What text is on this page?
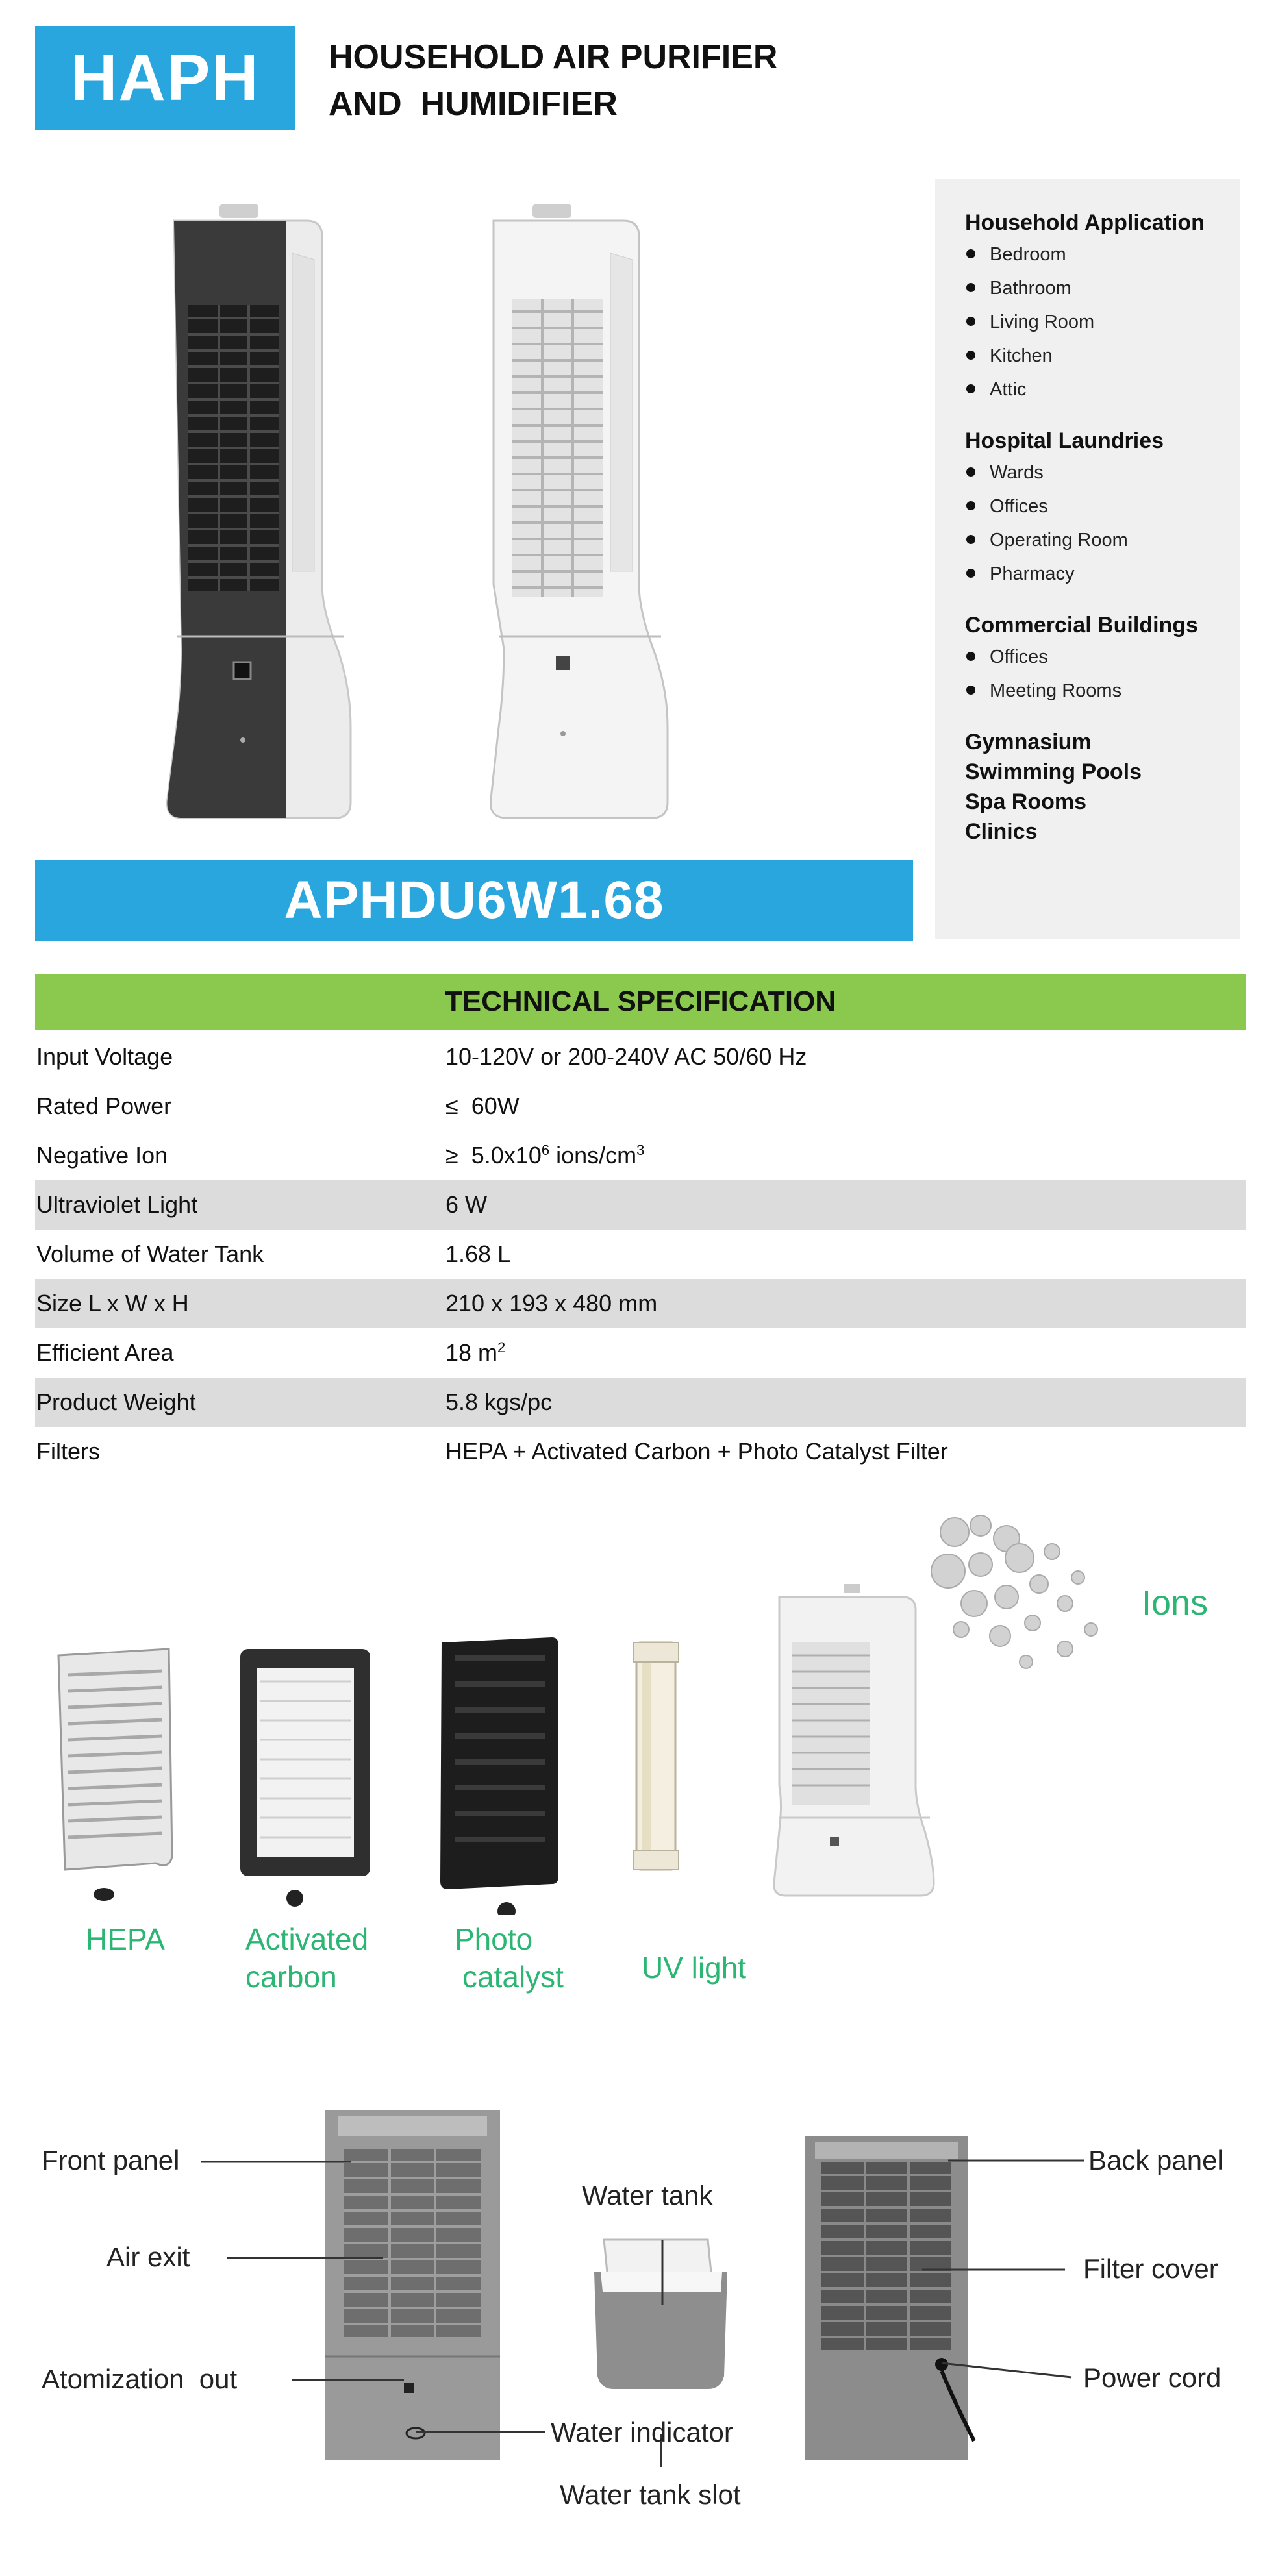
HAPH HOUSEHOLD AIR PURIFIER
AND  HUMIDIFIER
Household Application
Bedroom
Bathroom
Living Room
Kitchen
Attic
Hospital Laundries
Wards
Offices
Operating Room
Pharmacy
Commercial Buildings
Offices
Meeting Rooms
Gymnasium
Swimming Pools
Spa Rooms
Clinics
APHDU6W1.68
TECHNICAL SPECIFICATION
Input Voltage	10-120V or 200-240V AC 50/60 Hz
Rated Power	≤  60W
Negative Ion	≥  $5.0x10^6$ ions/$cm^3$
Ultraviolet Light	6 W
Volume of Water Tank	1.68 L
Size L x W x H	210 x 193 x 480 mm
Efficient Area	18 $m^2$
Product Weight	5.8 kgs/pc
Filters	HEPA + Activated Carbon + Photo Catalyst Filter
HEPA	Activated
carbon
Photo
catalyst	UV light
Ions
Front panel
Air exit
Atomization  out
Water tank
Water indicator
Water tank slot
Back panel
Filter cover
Power cord
